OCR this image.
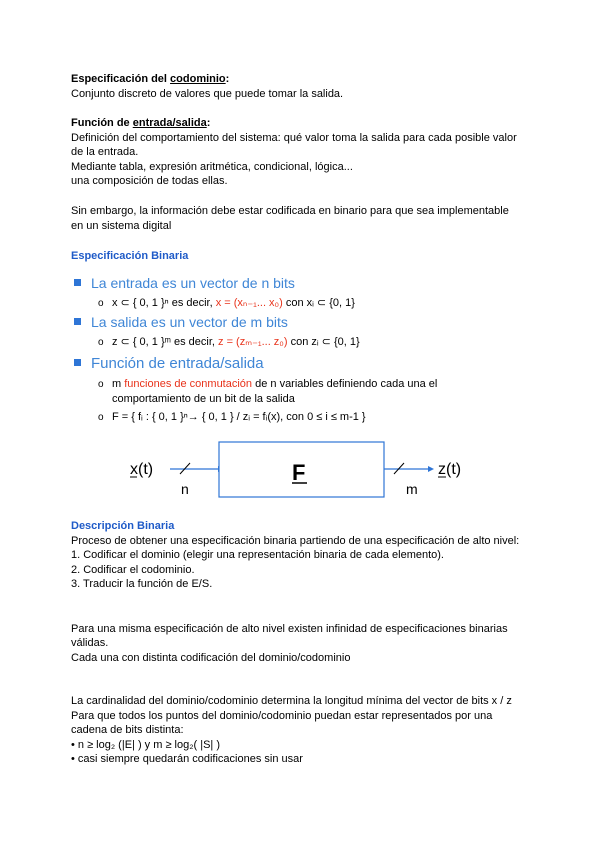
Especificación del codominio:
Conjunto discreto de valores que puede tomar la salida.
Función de entrada/salida:
Definición del comportamiento del sistema: qué valor toma la salida para cada posible valor
de la entrada.
Mediante tabla, expresión aritmética, condicional, lógica...
una composición de todas ellas.
Sin embargo, la información debe estar codificada en binario para que sea implementable
en un sistema digital
Especificación Binaria
La entrada es un vector de n bits
o x ⊂ { 0, 1 }ⁿ es decir, x = (xₙ₋₁... x₀) con xᵢ ⊂ {0, 1}
La salida es un vector de m bits
o z ⊂ { 0, 1 }ᵐ es decir, z = (zₘ₋₁... z₀) con zᵢ ⊂ {0, 1}
Función de entrada/salida
o m funciones de conmutación de n variables definiendo cada una el
comportamiento de un bit de la salida
o F = { fᵢ : { 0, 1 }ⁿ→ { 0, 1 } / zᵢ = fᵢ(x), con 0 ≤ i ≤ m-1 }
x(t)
n
F
m
z(t)
Descripción Binaria
Proceso de obtener una especificación binaria partiendo de una especificación de alto nivel:
1. Codificar el dominio (elegir una representación binaria de cada elemento).
2. Codificar el codominio.
3. Traducir la función de E/S.
Para una misma especificación de alto nivel existen infinidad de especificaciones binarias
válidas.
Cada una con distinta codificación del dominio/codominio
La cardinalidad del dominio/codominio determina la longitud mínima del vector de bits x / z
Para que todos los puntos del dominio/codominio puedan estar representados por una
cadena de bits distinta:
• n ≥ log₂ (|E| ) y m ≥ log₂( |S| )
• casi siempre quedarán codificaciones sin usar
